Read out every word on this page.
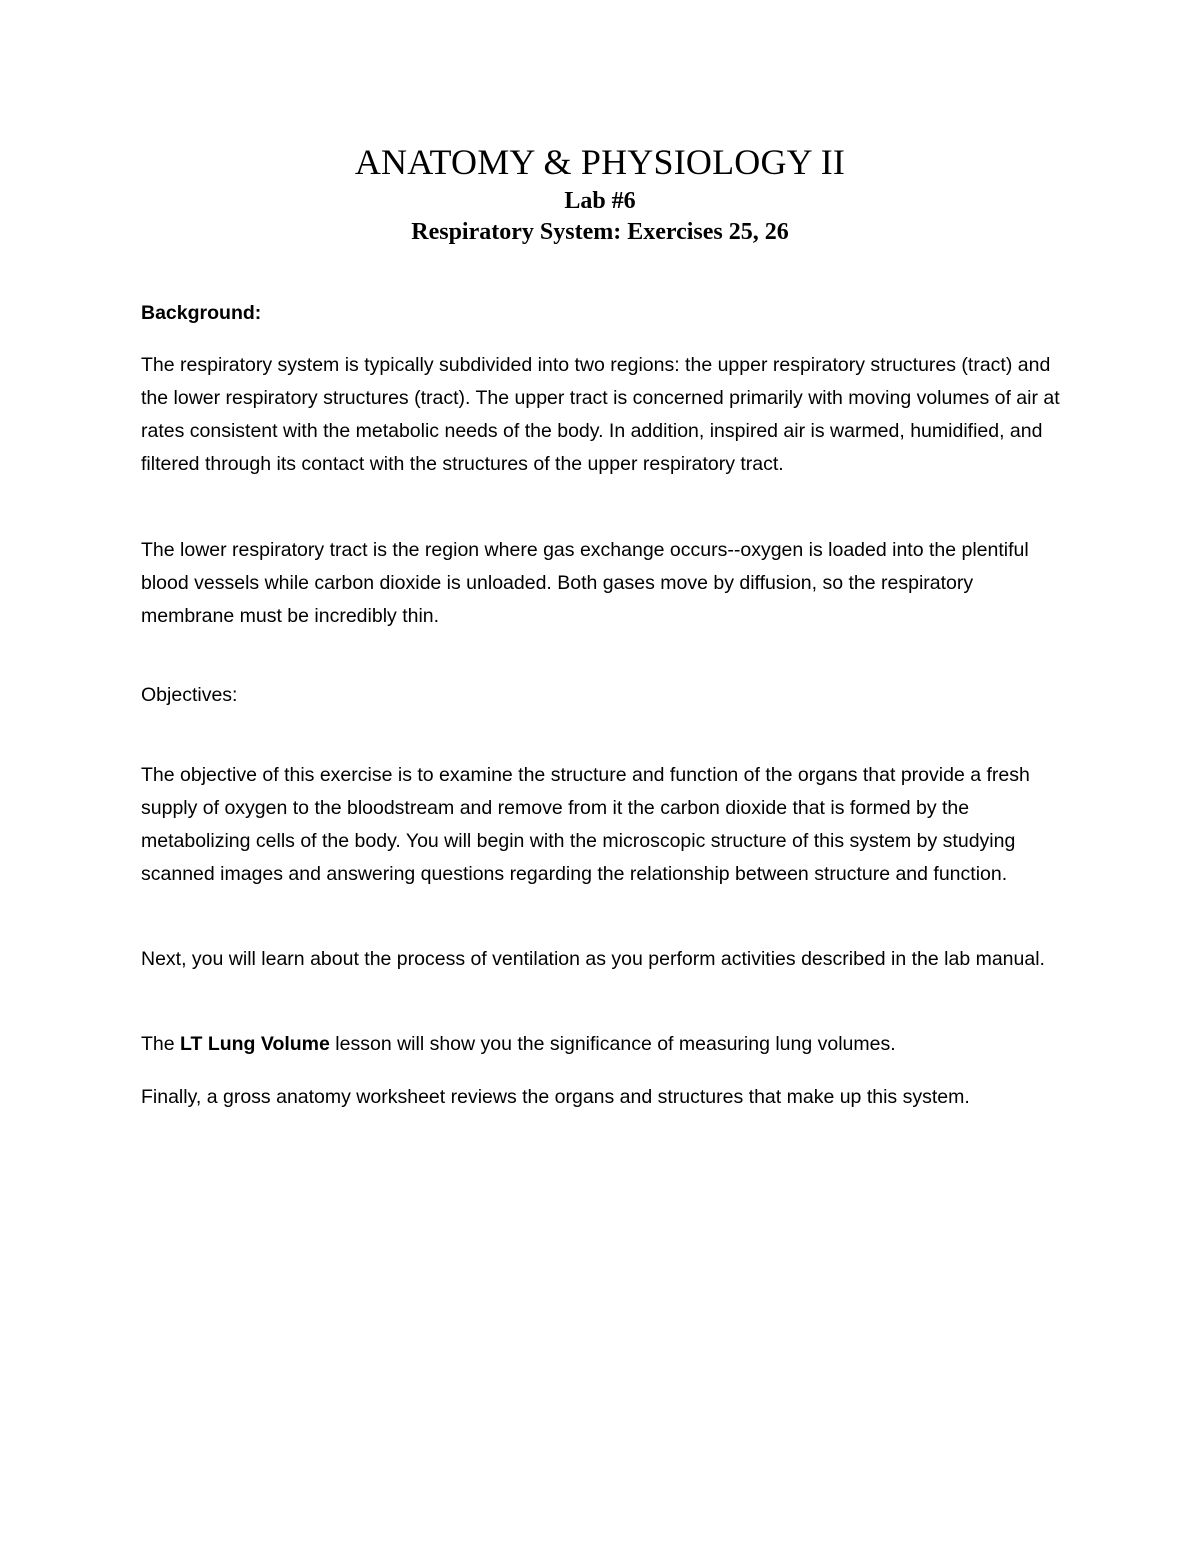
ANATOMY & PHYSIOLOGY II
Lab #6
Respiratory System: Exercises 25, 26

Background:

The respiratory system is typically subdivided into two regions: the upper respiratory structures (tract) and the lower respiratory structures (tract). The upper tract is concerned primarily with moving volumes of air at rates consistent with the metabolic needs of the body. In addition, inspired air is warmed, humidified, and filtered through its contact with the structures of the upper respiratory tract.

The lower respiratory tract is the region where gas exchange occurs--oxygen is loaded into the plentiful blood vessels while carbon dioxide is unloaded. Both gases move by diffusion, so the respiratory membrane must be incredibly thin.

Objectives:

The objective of this exercise is to examine the structure and function of the organs that provide a fresh supply of oxygen to the bloodstream and remove from it the carbon dioxide that is formed by the metabolizing cells of the body. You will begin with the microscopic structure of this system by studying scanned images and answering questions regarding the relationship between structure and function.

Next, you will learn about the process of ventilation as you perform activities described in the lab manual.

The LT Lung Volume lesson will show you the significance of measuring lung volumes.

Finally, a gross anatomy worksheet reviews the organs and structures that make up this system.
